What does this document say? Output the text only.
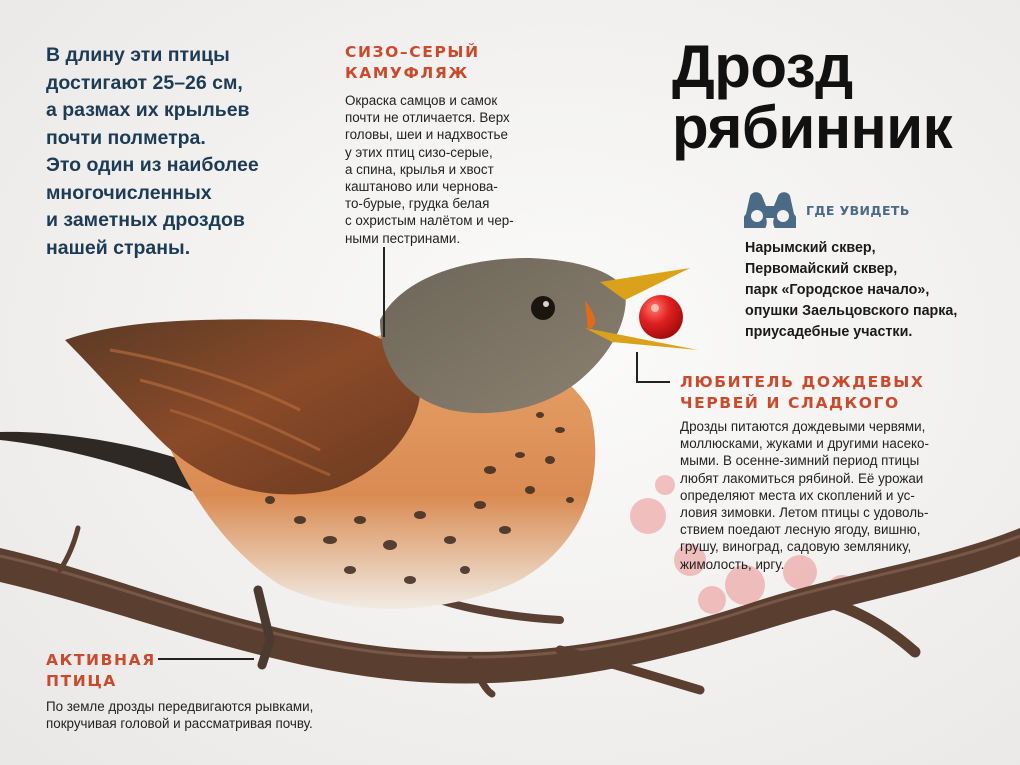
В длину эти птицы
достигают 25–26 см,
а размах их крыльев
почти полметра.
Это один из наиболее
многочисленных
и заметных дроздов
нашей страны.
Дрозд
рябинник
СИЗО–СЕРЫЙ
КАМУФЛЯЖ
Окраска самцов и самок
почти не отличается. Верх
головы, шеи и надхвостье
у этих птиц сизо-серые,
а спина, крылья и хвост
каштаново или чернова-
то-бурые, грудка белая
с охристым налётом и чер-
ными пестринами.
ГДЕ УВИДЕТЬ
Нарымский сквер,
Первомайский сквер,
парк «Городское начало»,
опушки Заельцовского парка,
приусадебные участки.
ЛЮБИТЕЛЬ ДОЖДЕВЫХ
ЧЕРВЕЙ И СЛАДКОГО
Дрозды питаются дождевыми червями,
моллюсками, жуками и другими насеко-
мыми. В осенне-зимний период птицы
любят лакомиться рябиной. Её урожаи
определяют места их скоплений и ус-
ловия зимовки. Летом птицы с удоволь-
ствием поедают лесную ягоду, вишню,
грушу, виноград, садовую землянику,
жимолость, иргу.
АКТИВНАЯ
ПТИЦА
По земле дрозды передвигаются рывками,
покручивая головой и рассматривая почву.
